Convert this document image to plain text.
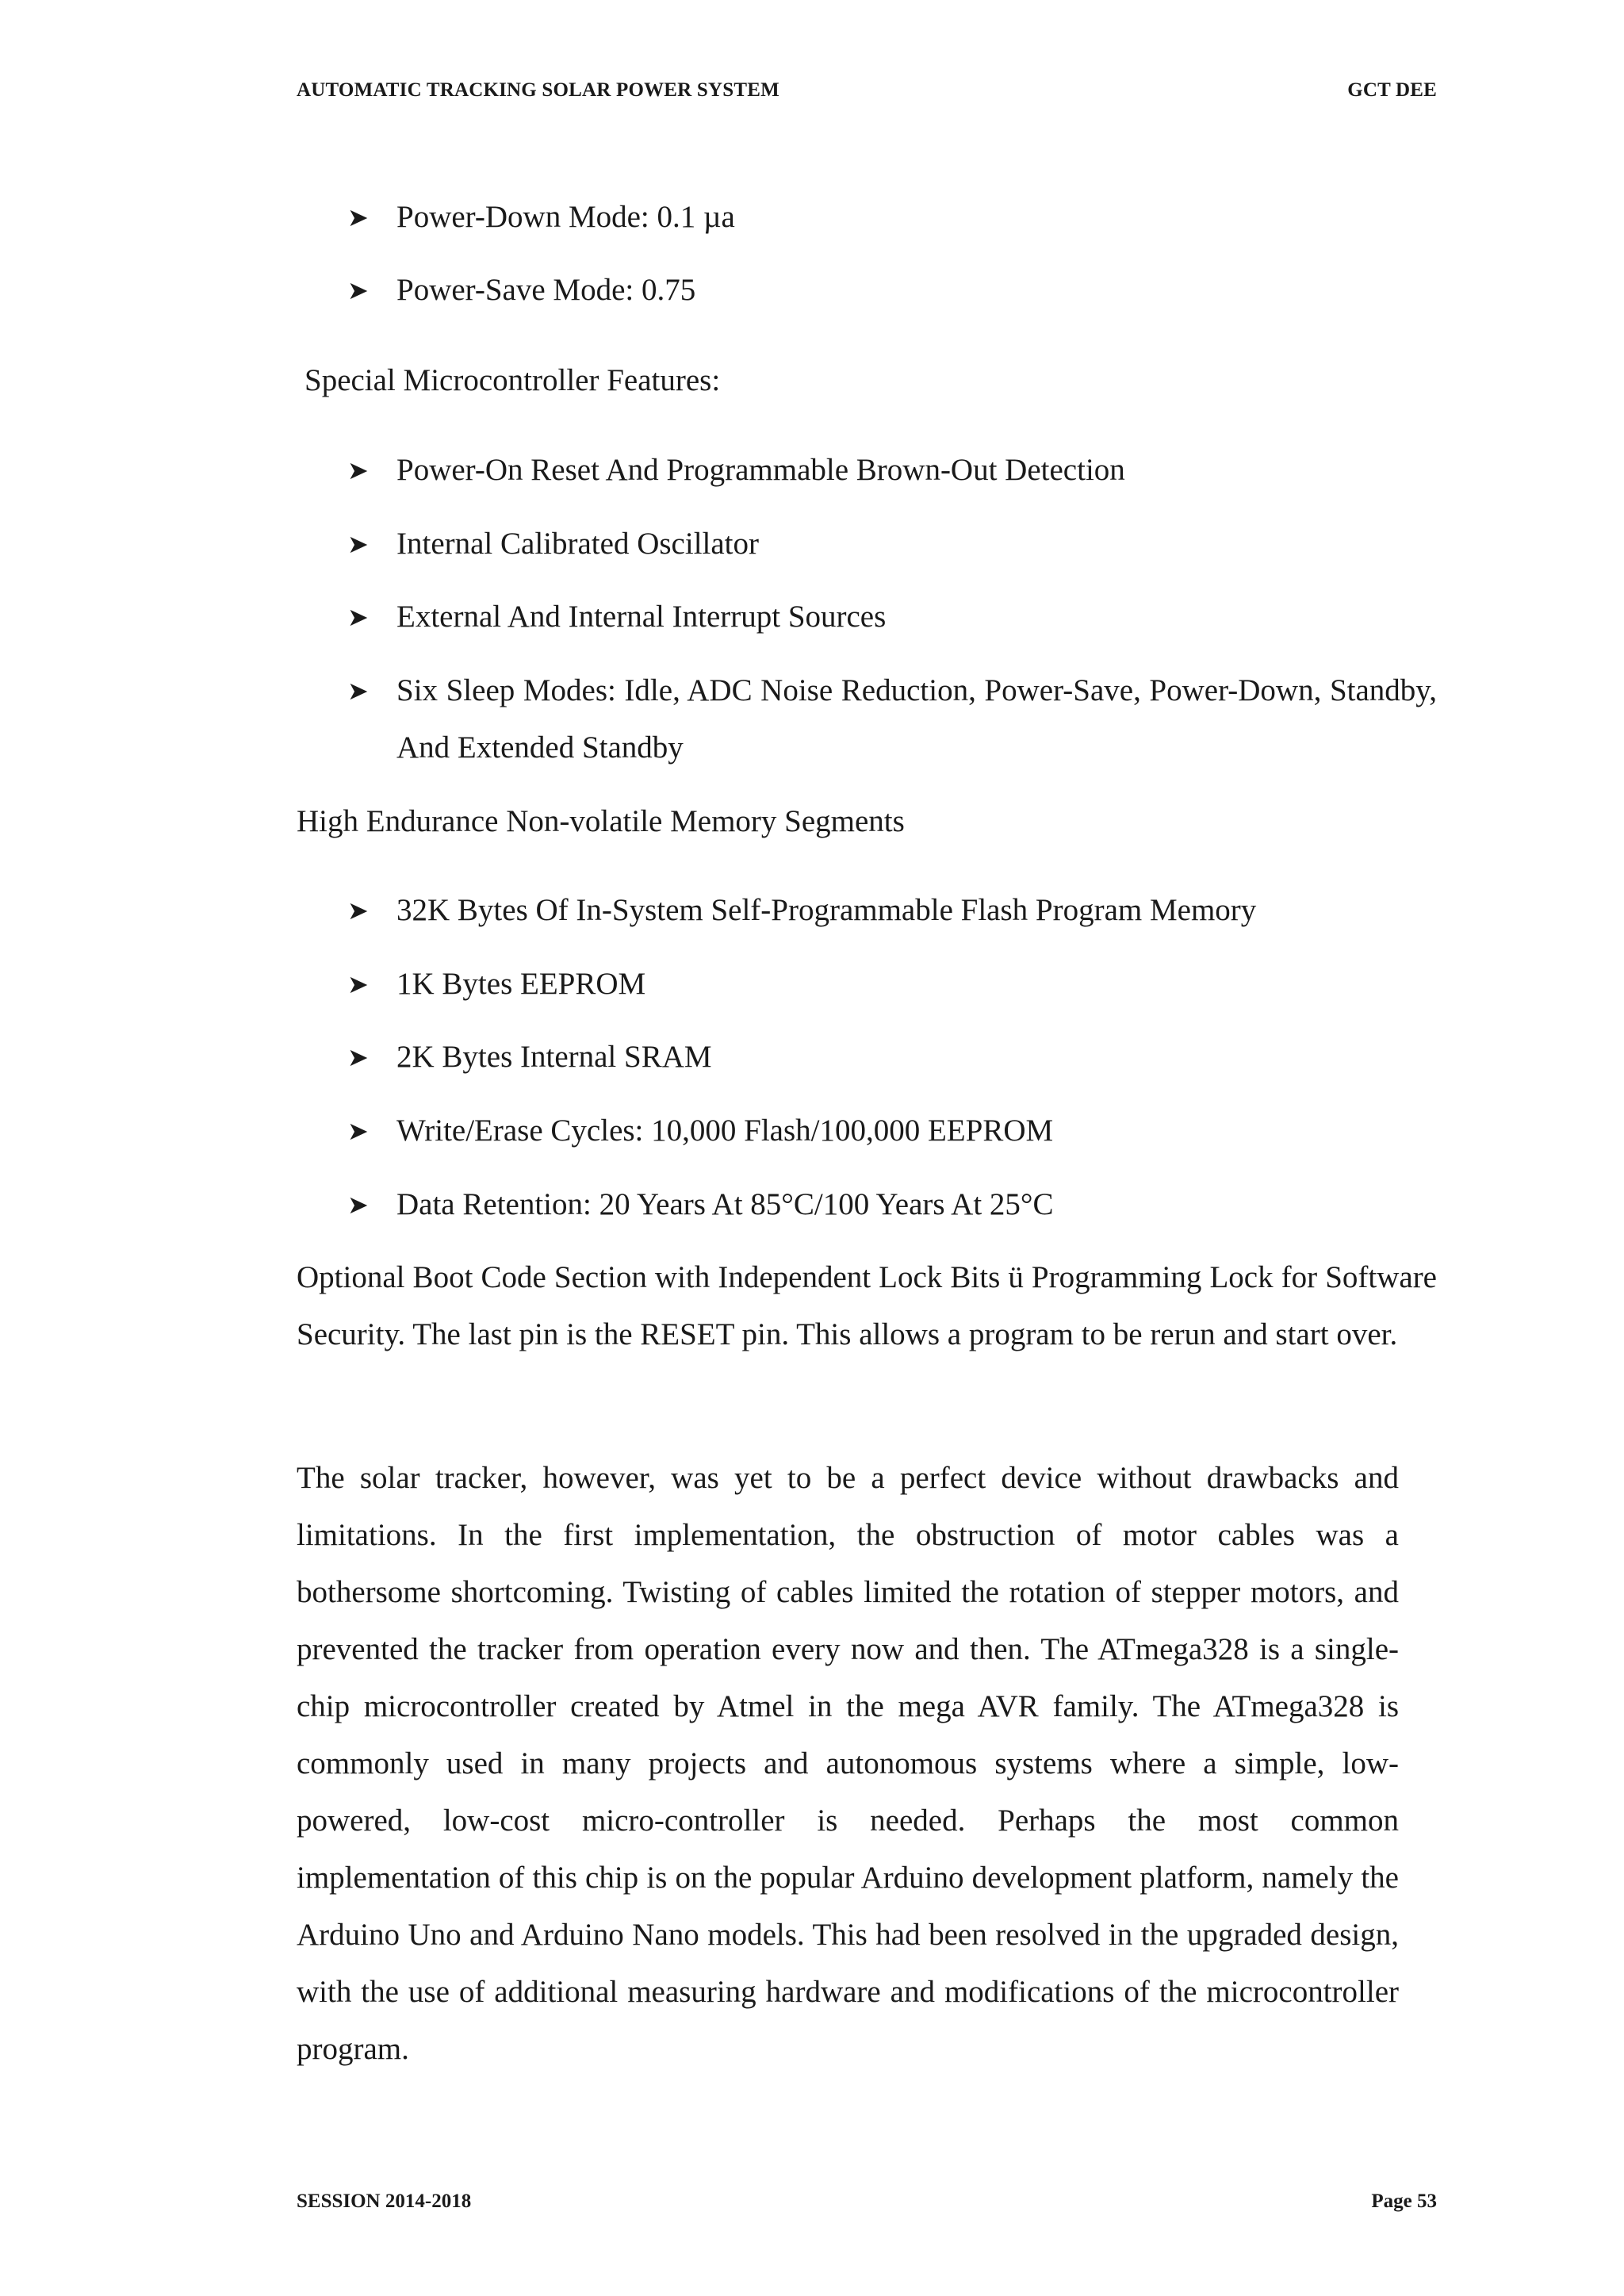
AUTOMATIC TRACKING SOLAR POWER SYSTEM	GCT DEE
➤ Power-Down Mode: 0.1 µa
➤ Power-Save Mode: 0.75
Special Microcontroller Features:
➤ Power-On Reset And Programmable Brown-Out Detection
➤ Internal Calibrated Oscillator
➤ External And Internal Interrupt Sources
➤ Six Sleep Modes: Idle, ADC Noise Reduction, Power-Save, Power-Down, Standby, And Extended Standby
High Endurance Non-volatile Memory Segments
➤ 32K Bytes Of In-System Self-Programmable Flash Program Memory
➤ 1K Bytes EEPROM
➤ 2K Bytes Internal SRAM
➤ Write/Erase Cycles: 10,000 Flash/100,000 EEPROM
➤ Data Retention: 20 Years At 85°C/100 Years At 25°C
Optional Boot Code Section with Independent Lock Bits ü Programming Lock for Software Security. The last pin is the RESET pin. This allows a program to be rerun and start over.
The solar tracker, however, was yet to be a perfect device without drawbacks and limitations. In the first implementation, the obstruction of motor cables was a bothersome shortcoming. Twisting of cables limited the rotation of stepper motors, and prevented the tracker from operation every now and then. The ATmega328 is a single-chip microcontroller created by Atmel in the mega AVR family. The ATmega328 is commonly used in many projects and autonomous systems where a simple, low-powered, low-cost micro-controller is needed. Perhaps the most common implementation of this chip is on the popular Arduino development platform, namely the Arduino Uno and Arduino Nano models. This had been resolved in the upgraded design, with the use of additional measuring hardware and modifications of the microcontroller program.
SESSION 2014-2018	Page 53
